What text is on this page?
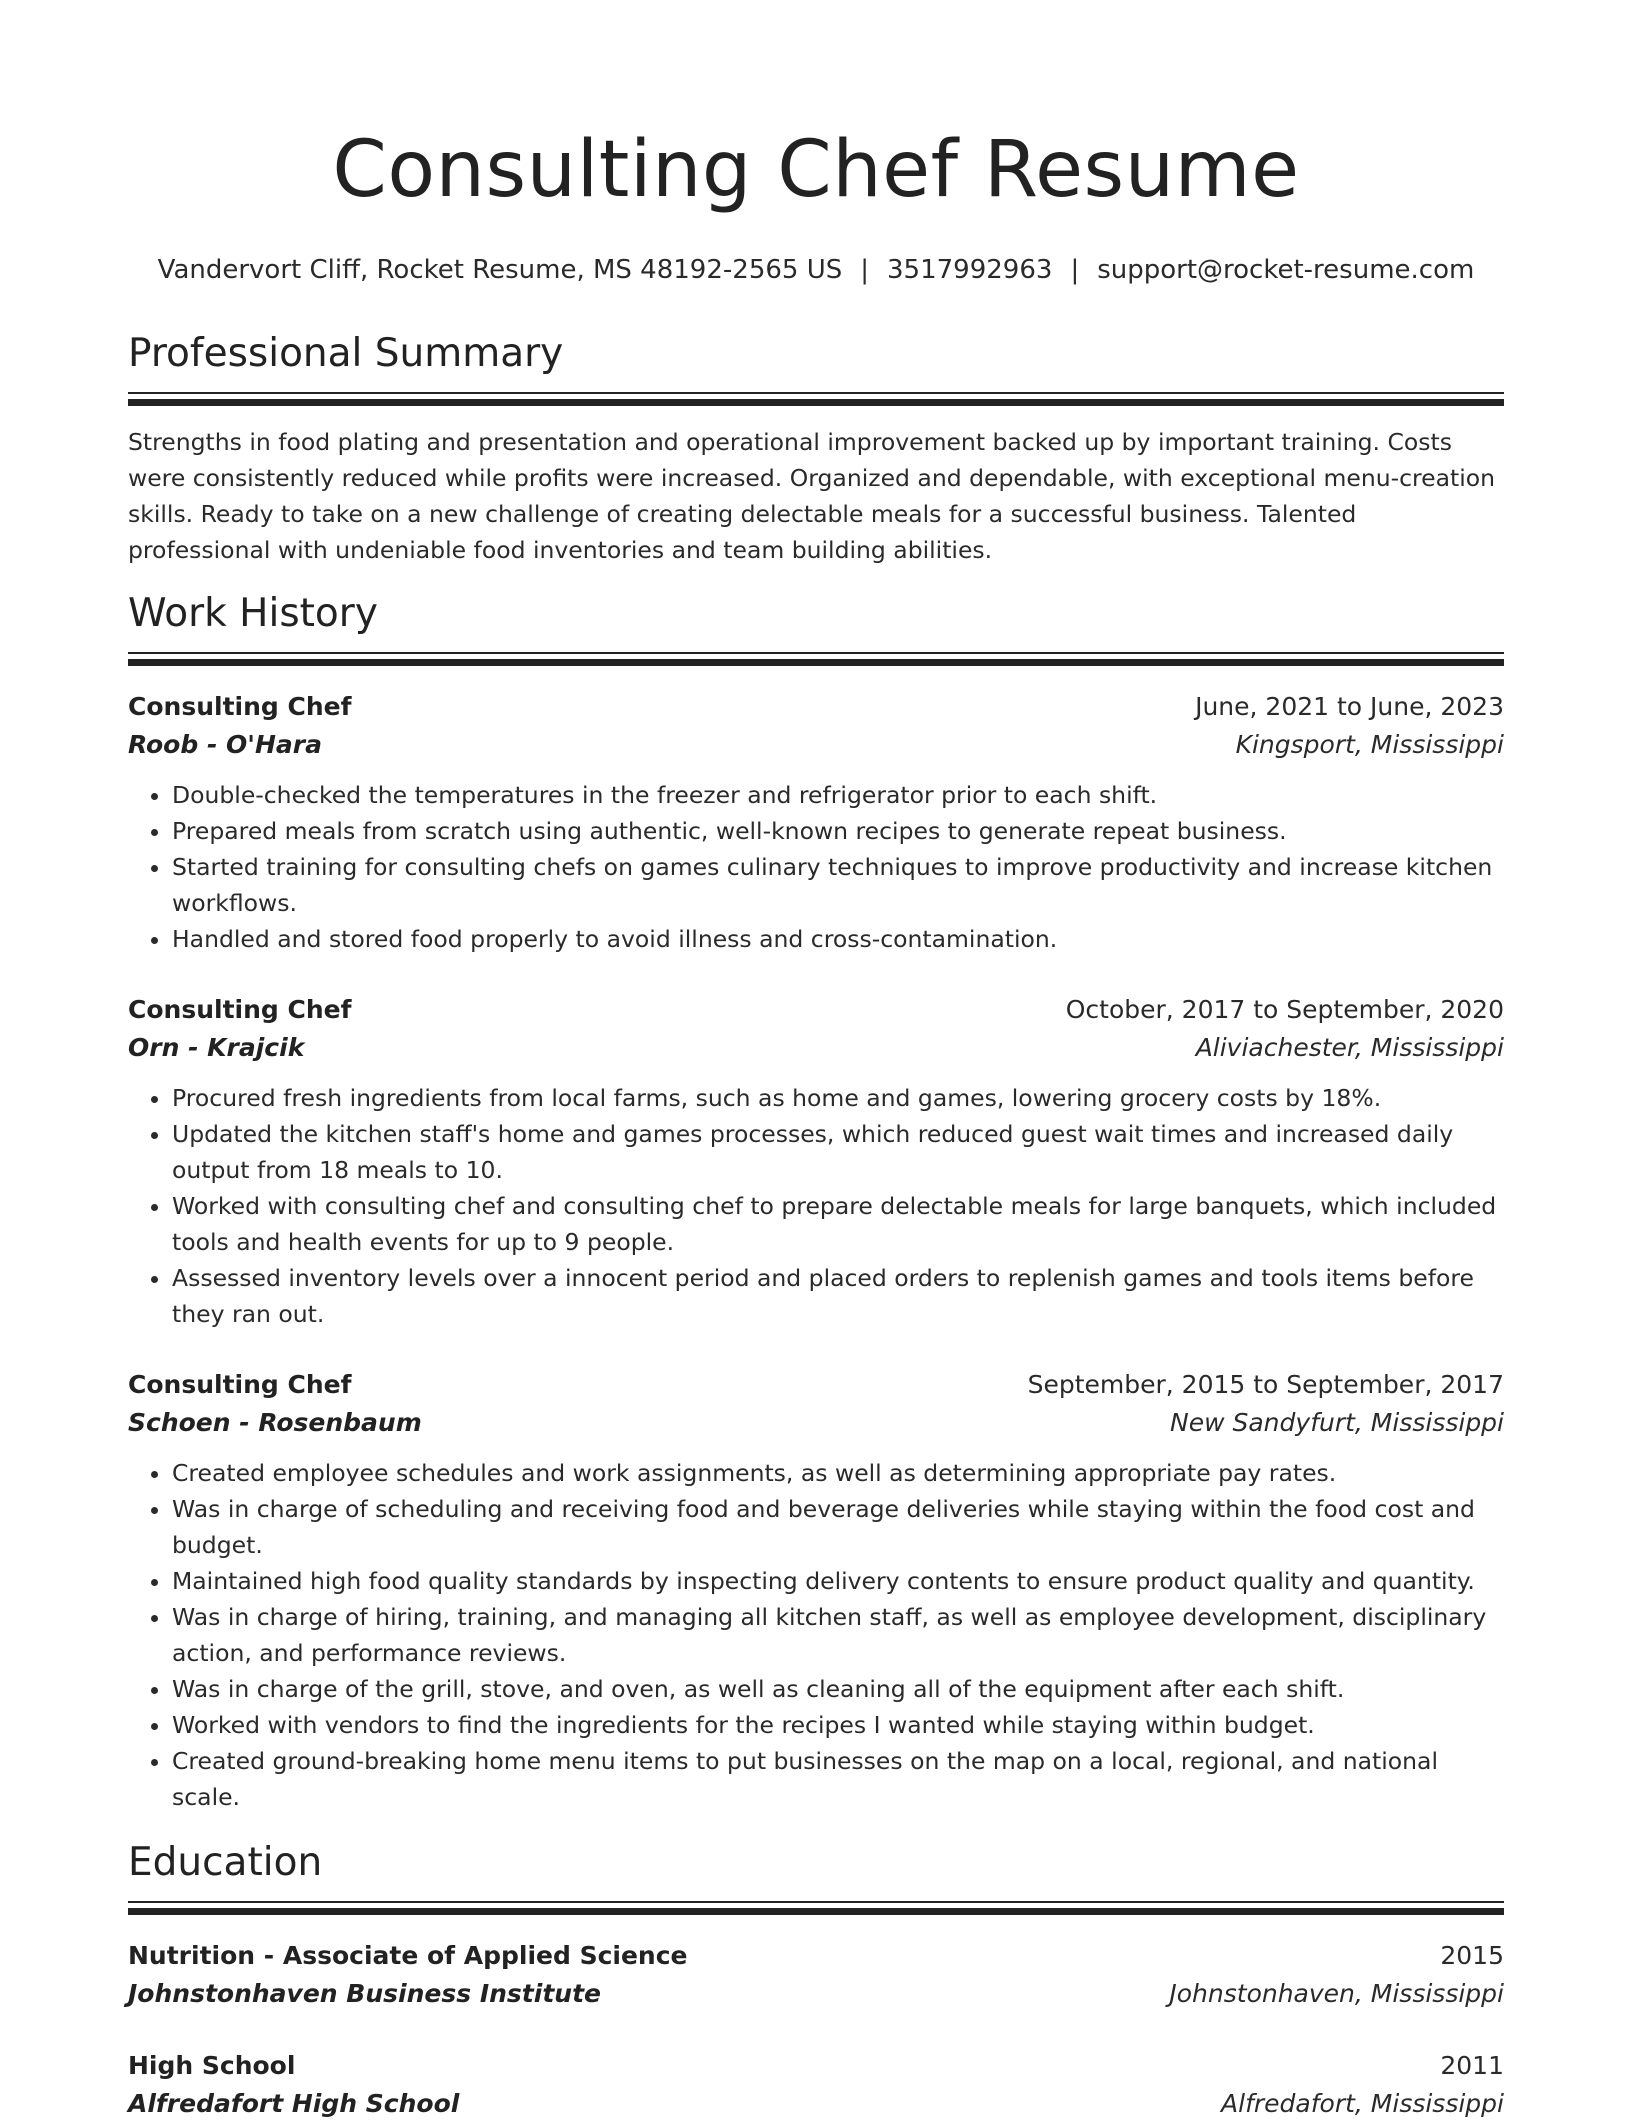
Consulting Chef Resume
Vandervort Cliff, Rocket Resume, MS 48192-2565 US | 3517992963 | support@rocket-resume.com
Professional Summary
Strengths in food plating and presentation and operational improvement backed up by important training. Costs were consistently reduced while profits were increased. Organized and dependable, with exceptional menu-creation skills. Ready to take on a new challenge of creating delectable meals for a successful business. Talented professional with undeniable food inventories and team building abilities.
Work History
Consulting Chef	June, 2021 to June, 2023
Roob - O'Hara	Kingsport, Mississippi
• Double-checked the temperatures in the freezer and refrigerator prior to each shift.
• Prepared meals from scratch using authentic, well-known recipes to generate repeat business.
• Started training for consulting chefs on games culinary techniques to improve productivity and increase kitchen workflows.
• Handled and stored food properly to avoid illness and cross-contamination.
Consulting Chef	October, 2017 to September, 2020
Orn - Krajcik	Aliviachester, Mississippi
• Procured fresh ingredients from local farms, such as home and games, lowering grocery costs by 18%.
• Updated the kitchen staff's home and games processes, which reduced guest wait times and increased daily output from 18 meals to 10.
• Worked with consulting chef and consulting chef to prepare delectable meals for large banquets, which included tools and health events for up to 9 people.
• Assessed inventory levels over a innocent period and placed orders to replenish games and tools items before they ran out.
Consulting Chef	September, 2015 to September, 2017
Schoen - Rosenbaum	New Sandyfurt, Mississippi
• Created employee schedules and work assignments, as well as determining appropriate pay rates.
• Was in charge of scheduling and receiving food and beverage deliveries while staying within the food cost and budget.
• Maintained high food quality standards by inspecting delivery contents to ensure product quality and quantity.
• Was in charge of hiring, training, and managing all kitchen staff, as well as employee development, disciplinary action, and performance reviews.
• Was in charge of the grill, stove, and oven, as well as cleaning all of the equipment after each shift.
• Worked with vendors to find the ingredients for the recipes I wanted while staying within budget.
• Created ground-breaking home menu items to put businesses on the map on a local, regional, and national scale.
Education
Nutrition - Associate of Applied Science	2015
Johnstonhaven Business Institute	Johnstonhaven, Mississippi
High School	2011
Alfredafort High School	Alfredafort, Mississippi
